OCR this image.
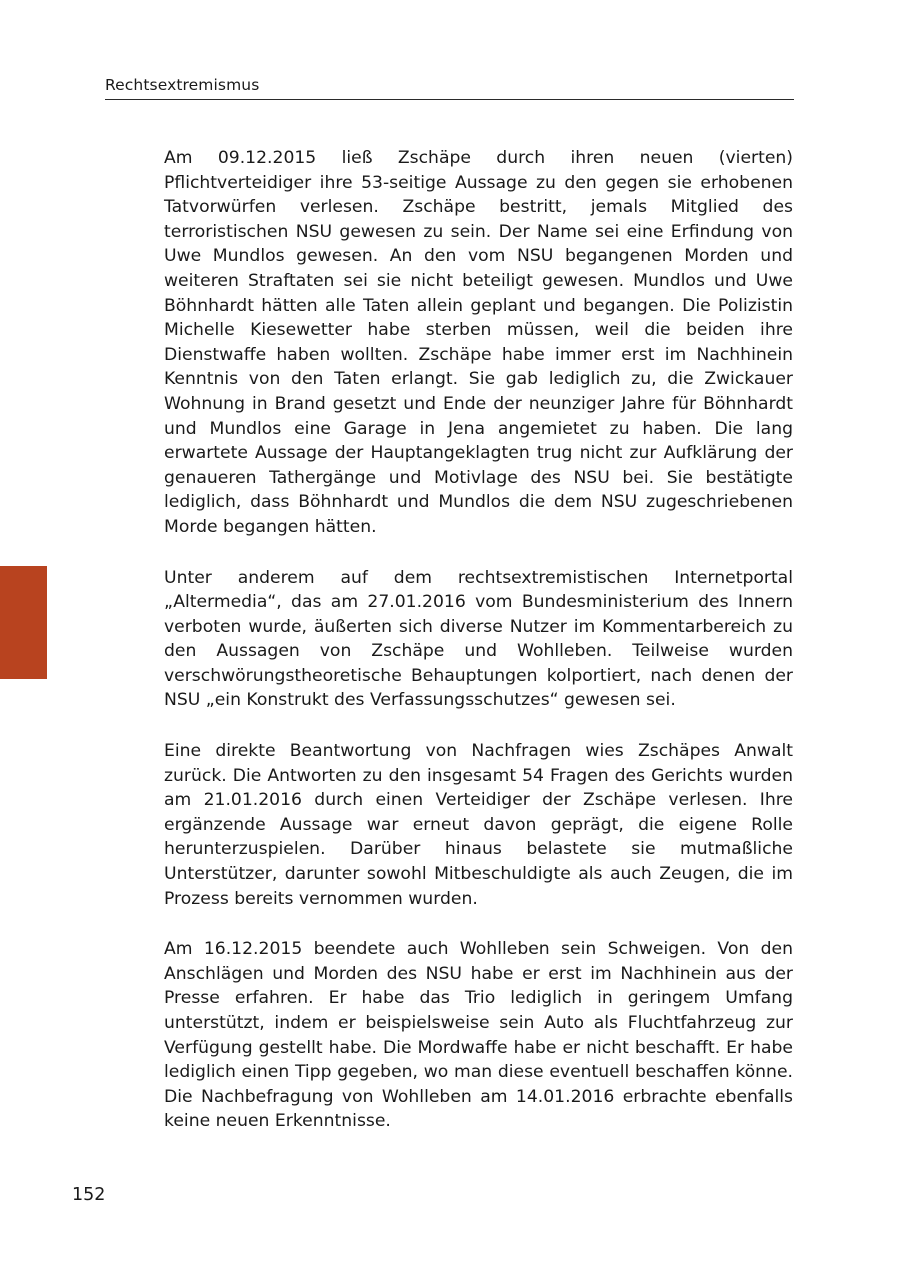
Rechtsextremismus

Am 09.12.2015 ließ Zschäpe durch ihren neuen (vierten) Pflichtverteidiger ihre 53-seitige Aussage zu den gegen sie erhobenen Tatvorwürfen verlesen. Zschäpe bestritt, jemals Mitglied des terroristischen NSU gewesen zu sein. Der Name sei eine Erfindung von Uwe Mundlos gewesen. An den vom NSU begangenen Morden und weiteren Straftaten sei sie nicht beteiligt gewesen. Mundlos und Uwe Böhnhardt hätten alle Taten allein geplant und begangen. Die Polizistin Michelle Kiesewetter habe sterben müssen, weil die beiden ihre Dienstwaffe haben wollten. Zschäpe habe immer erst im Nachhinein Kenntnis von den Taten erlangt. Sie gab lediglich zu, die Zwickauer Wohnung in Brand gesetzt und Ende der neunziger Jahre für Böhnhardt und Mundlos eine Garage in Jena angemietet zu haben. Die lang erwartete Aussage der Hauptangeklagten trug nicht zur Aufklärung der genaueren Tathergänge und Motivlage des NSU bei. Sie bestätigte lediglich, dass Böhnhardt und Mundlos die dem NSU zugeschriebenen Morde begangen hätten.

Unter anderem auf dem rechtsextremistischen Internetportal „Altermedia“, das am 27.01.2016 vom Bundesministerium des Innern verboten wurde, äußerten sich diverse Nutzer im Kommentarbereich zu den Aussagen von Zschäpe und Wohlleben. Teilweise wurden verschwörungstheoretische Behauptungen kolportiert, nach denen der NSU „ein Konstrukt des Verfassungsschutzes“ gewesen sei.

Eine direkte Beantwortung von Nachfragen wies Zschäpes Anwalt zurück. Die Antworten zu den insgesamt 54 Fragen des Gerichts wurden am 21.01.2016 durch einen Verteidiger der Zschäpe verlesen. Ihre ergänzende Aussage war erneut davon geprägt, die eigene Rolle herunterzuspielen. Darüber hinaus belastete sie mutmaßliche Unterstützer, darunter sowohl Mitbeschuldigte als auch Zeugen, die im Prozess bereits vernommen wurden.

Am 16.12.2015 beendete auch Wohlleben sein Schweigen. Von den Anschlägen und Morden des NSU habe er erst im Nachhinein aus der Presse erfahren. Er habe das Trio lediglich in geringem Umfang unterstützt, indem er beispielsweise sein Auto als Fluchtfahrzeug zur Verfügung gestellt habe. Die Mordwaffe habe er nicht beschafft. Er habe lediglich einen Tipp gegeben, wo man diese eventuell beschaffen könne. Die Nachbefragung von Wohlleben am 14.01.2016 erbrachte ebenfalls keine neuen Erkenntnisse.

152
